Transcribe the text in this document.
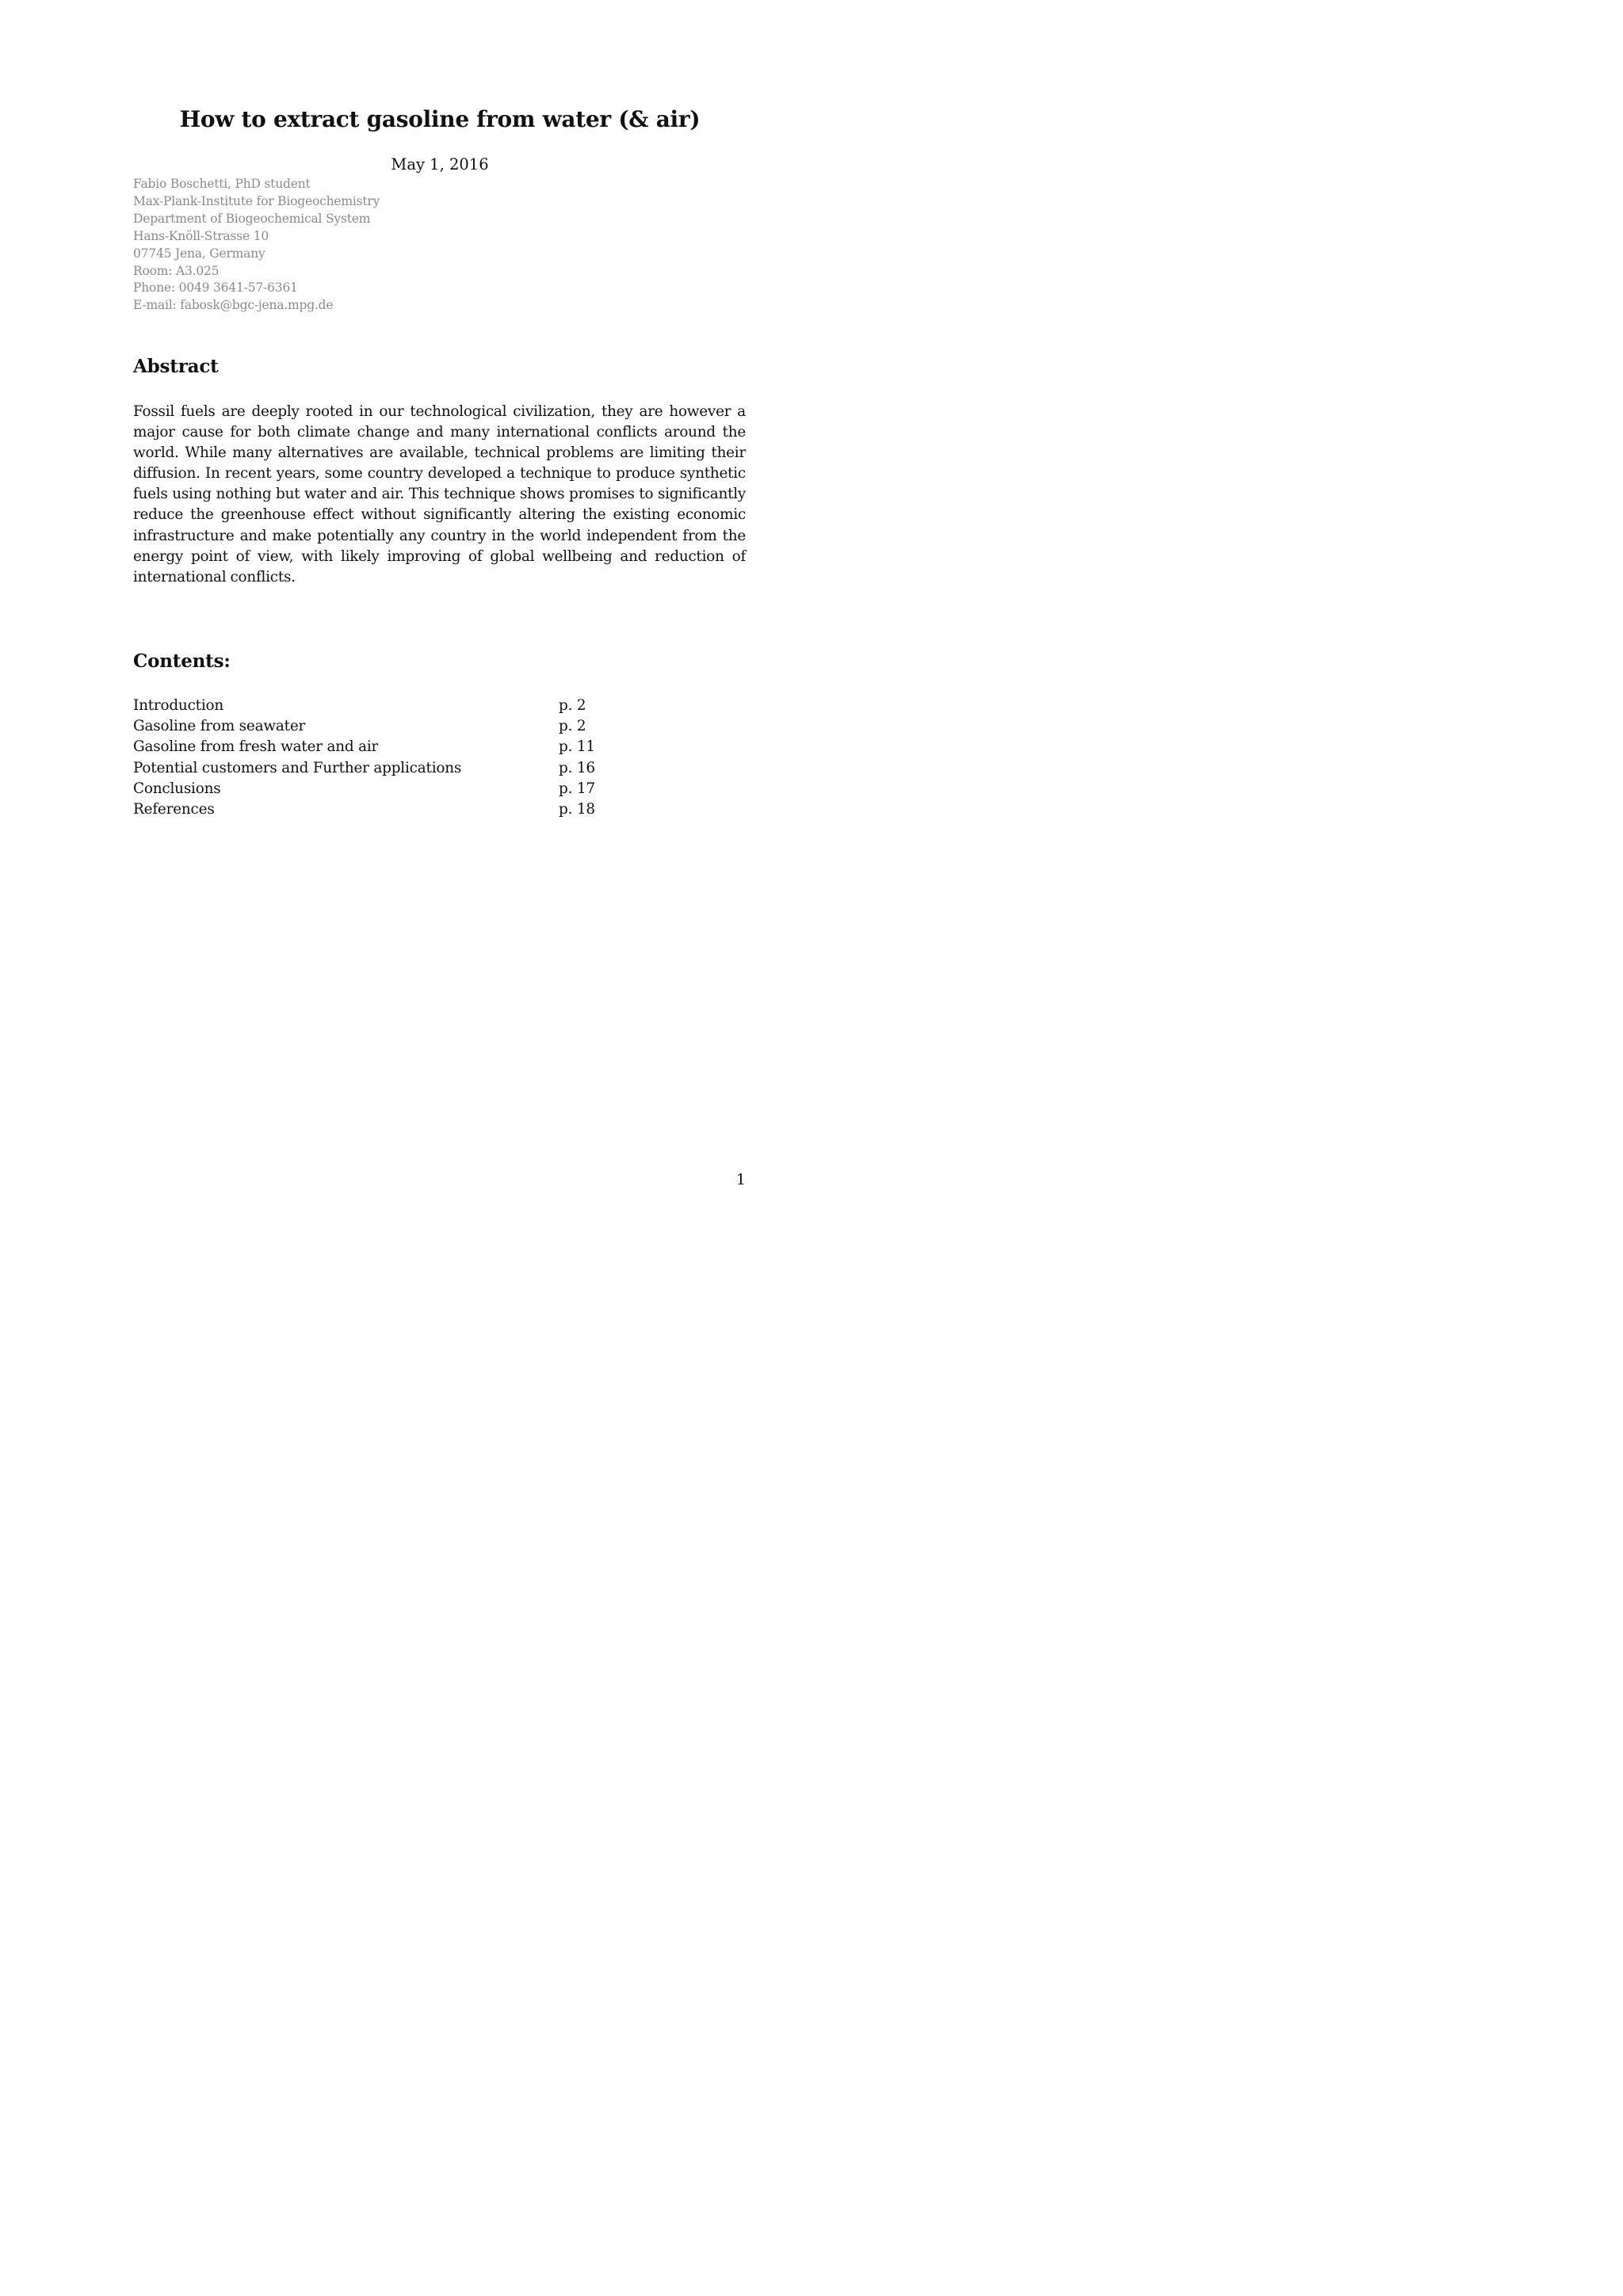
How to extract gasoline from water (& air)
May 1, 2016
Fabio Boschetti, PhD student
Max-Plank-Institute for Biogeochemistry
Department of Biogeochemical System
Hans-Knöll-Strasse 10
07745 Jena, Germany
Room: A3.025
Phone: 0049 3641-57-6361
E-mail: fabosk@bgc-jena.mpg.de
Abstract

Fossil fuels are deeply rooted in our technological civilization, they are however a major cause for both climate change and many international conflicts around the world. While many alternatives are available, technical problems are limiting their diffusion. In recent years, some country developed a technique to produce synthetic fuels using nothing but water and air. This technique shows promises to significantly reduce the greenhouse effect without significantly altering the existing economic infrastructure and make potentially any country in the world independent from the energy point of view, with likely improving of global wellbeing and reduction of international conflicts.

Contents:
Introduction	p. 2
Gasoline from seawater	p. 2
Gasoline from fresh water and air	p. 11
Potential customers and Further applications	p. 16
Conclusions	p. 17
References	p. 18
1
